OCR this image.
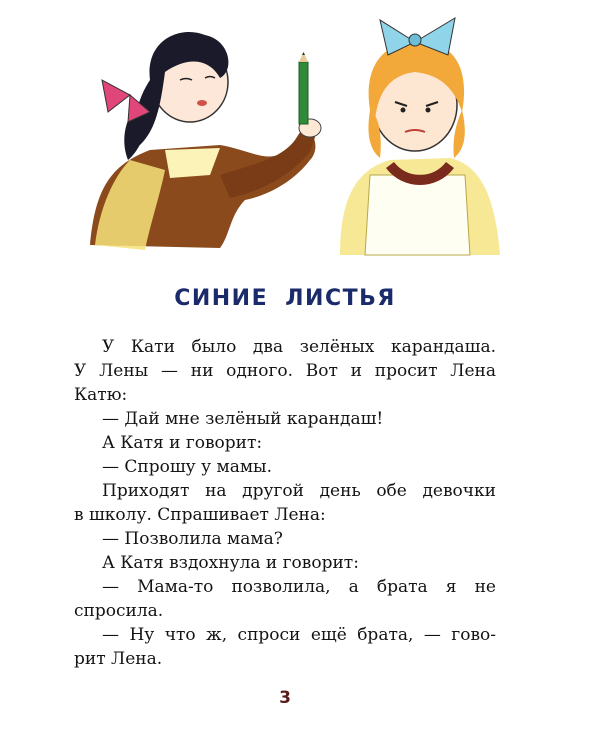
СИНИЕ ЛИСТЬЯ
У Кати было два зелёных карандаша.
У Лены — ни одного. Вот и просит Лена
Катю:
— Дай мне зелёный карандаш!
А Катя и говорит:
— Спрошу у мамы.
Приходят на другой день обе девочки
в школу. Спрашивает Лена:
— Позволила мама?
А Катя вздохнула и говорит:
— Мама-то позволила, а брата я не
спросила.
— Ну что ж, спроси ещё брата, — гово-
рит Лена.
3
